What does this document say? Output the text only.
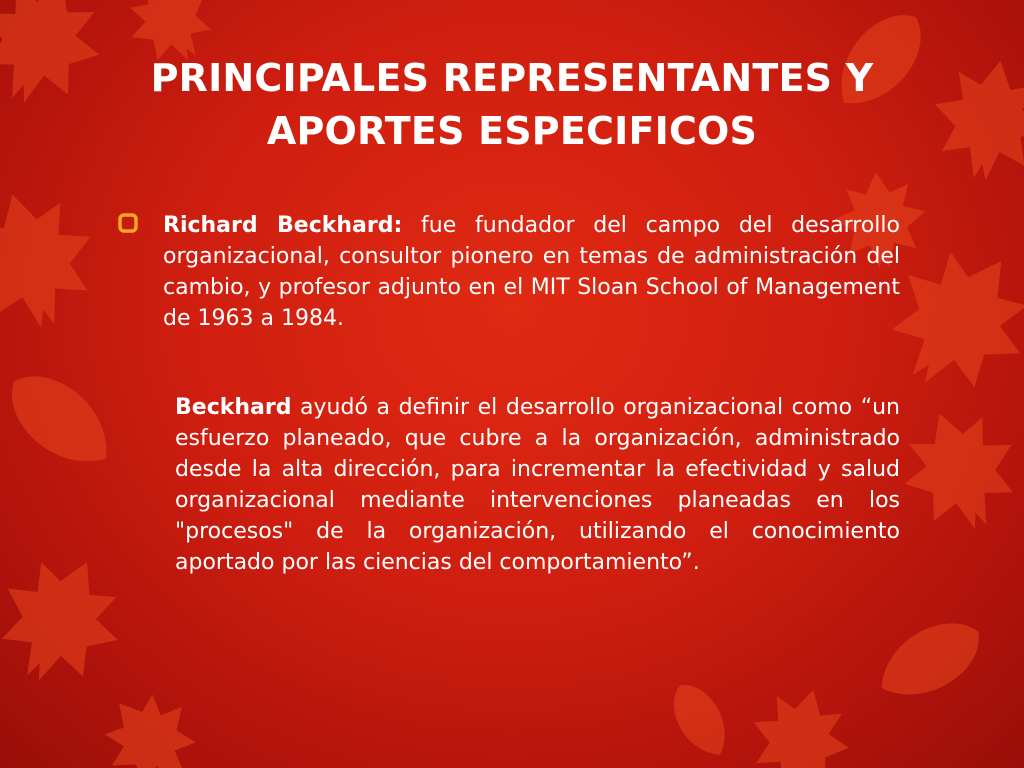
PRINCIPALES REPRESENTANTES Y APORTES ESPECIFICOS
Richard Beckhard: fue fundador del campo del desarrollo organizacional, consultor pionero en temas de administración del cambio, y profesor adjunto en el MIT Sloan School of Management de 1963 a 1984.

Beckhard ayudó a definir el desarrollo organizacional como “un esfuerzo planeado, que cubre a la organización, administrado desde la alta dirección, para incrementar la efectividad y salud organizacional mediante intervenciones planeadas en los "procesos" de la organización, utilizando el conocimiento aportado por las ciencias del comportamiento”.
